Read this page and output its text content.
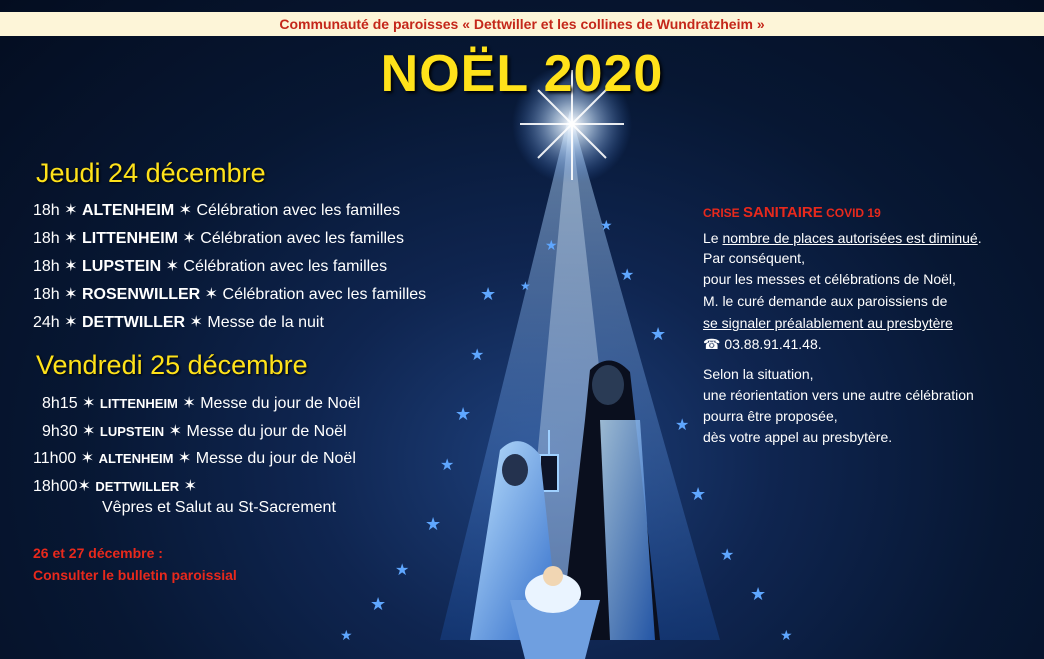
★
★
★
★
★
★
★
★
★
★
★
★
★
★
★
★
★
★
Communauté de paroisses « Dettwiller et les collines de Wundratzheim »
NOËL 2020
Jeudi 24 décembre
18h ✶ ALTENHEIM ✶ Célébration avec les familles
18h ✶ LITTENHEIM ✶ Célébration avec les familles
18h ✶ LUPSTEIN ✶ Célébration avec les familles
18h ✶ ROSENWILLER ✶ Célébration avec les familles
24h ✶ DETTWILLER ✶ Messe de la nuit
Vendredi 25 décembre
8h15 ✶ LITTENHEIM ✶ Messe du jour de Noël
9h30 ✶ LUPSTEIN ✶ Messe du jour de Noël
11h00 ✶ ALTENHEIM ✶ Messe du jour de Noël
18h00✶ DETTWILLER ✶
Vêpres et Salut au St-Sacrement
26 et 27 décembre :
Consulter le bulletin paroissial
CRISE SANITAIRE COVID 19
Le nombre de places autorisées est diminué.
Par conséquent,
pour les messes et célébrations de Noël,
M. le curé demande aux paroissiens de
se signaler préalablement au presbytère
☎ 03.88.91.41.48.
Selon la situation,
une réorientation vers une autre célébration
pourra être proposée,
dès votre appel au presbytère.
